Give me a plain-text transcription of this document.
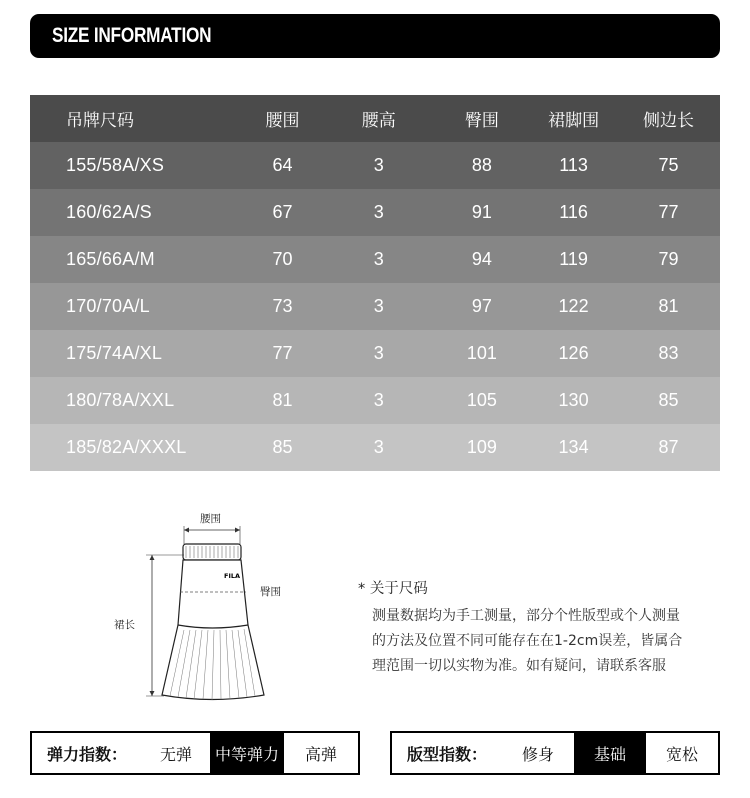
SIZE INFORMATION
吊牌尺码	腰围	腰高	臀围	裙脚围	侧边长
155/58A/XS	64	3	88	113	75
160/62A/S	67	3	91	116	77
165/66A/M	70	3	94	119	79
170/70A/L	73	3	97	122	81
175/74A/XL	77	3	101	126	83
180/78A/XXL	81	3	105	130	85
185/82A/XXXL	85	3	109	134	87
腰围
FILA
臀围
裙长
* 关于尺码
测量数据均为手工测量，部分个性版型或个人测量
的方法及位置不同可能存在在1-2cm误差，皆属合
理范围一切以实物为准。如有疑问，请联系客服
弹力指数：	无弹	中等弹力	高弹	版型指数：	修身	基础	宽松
